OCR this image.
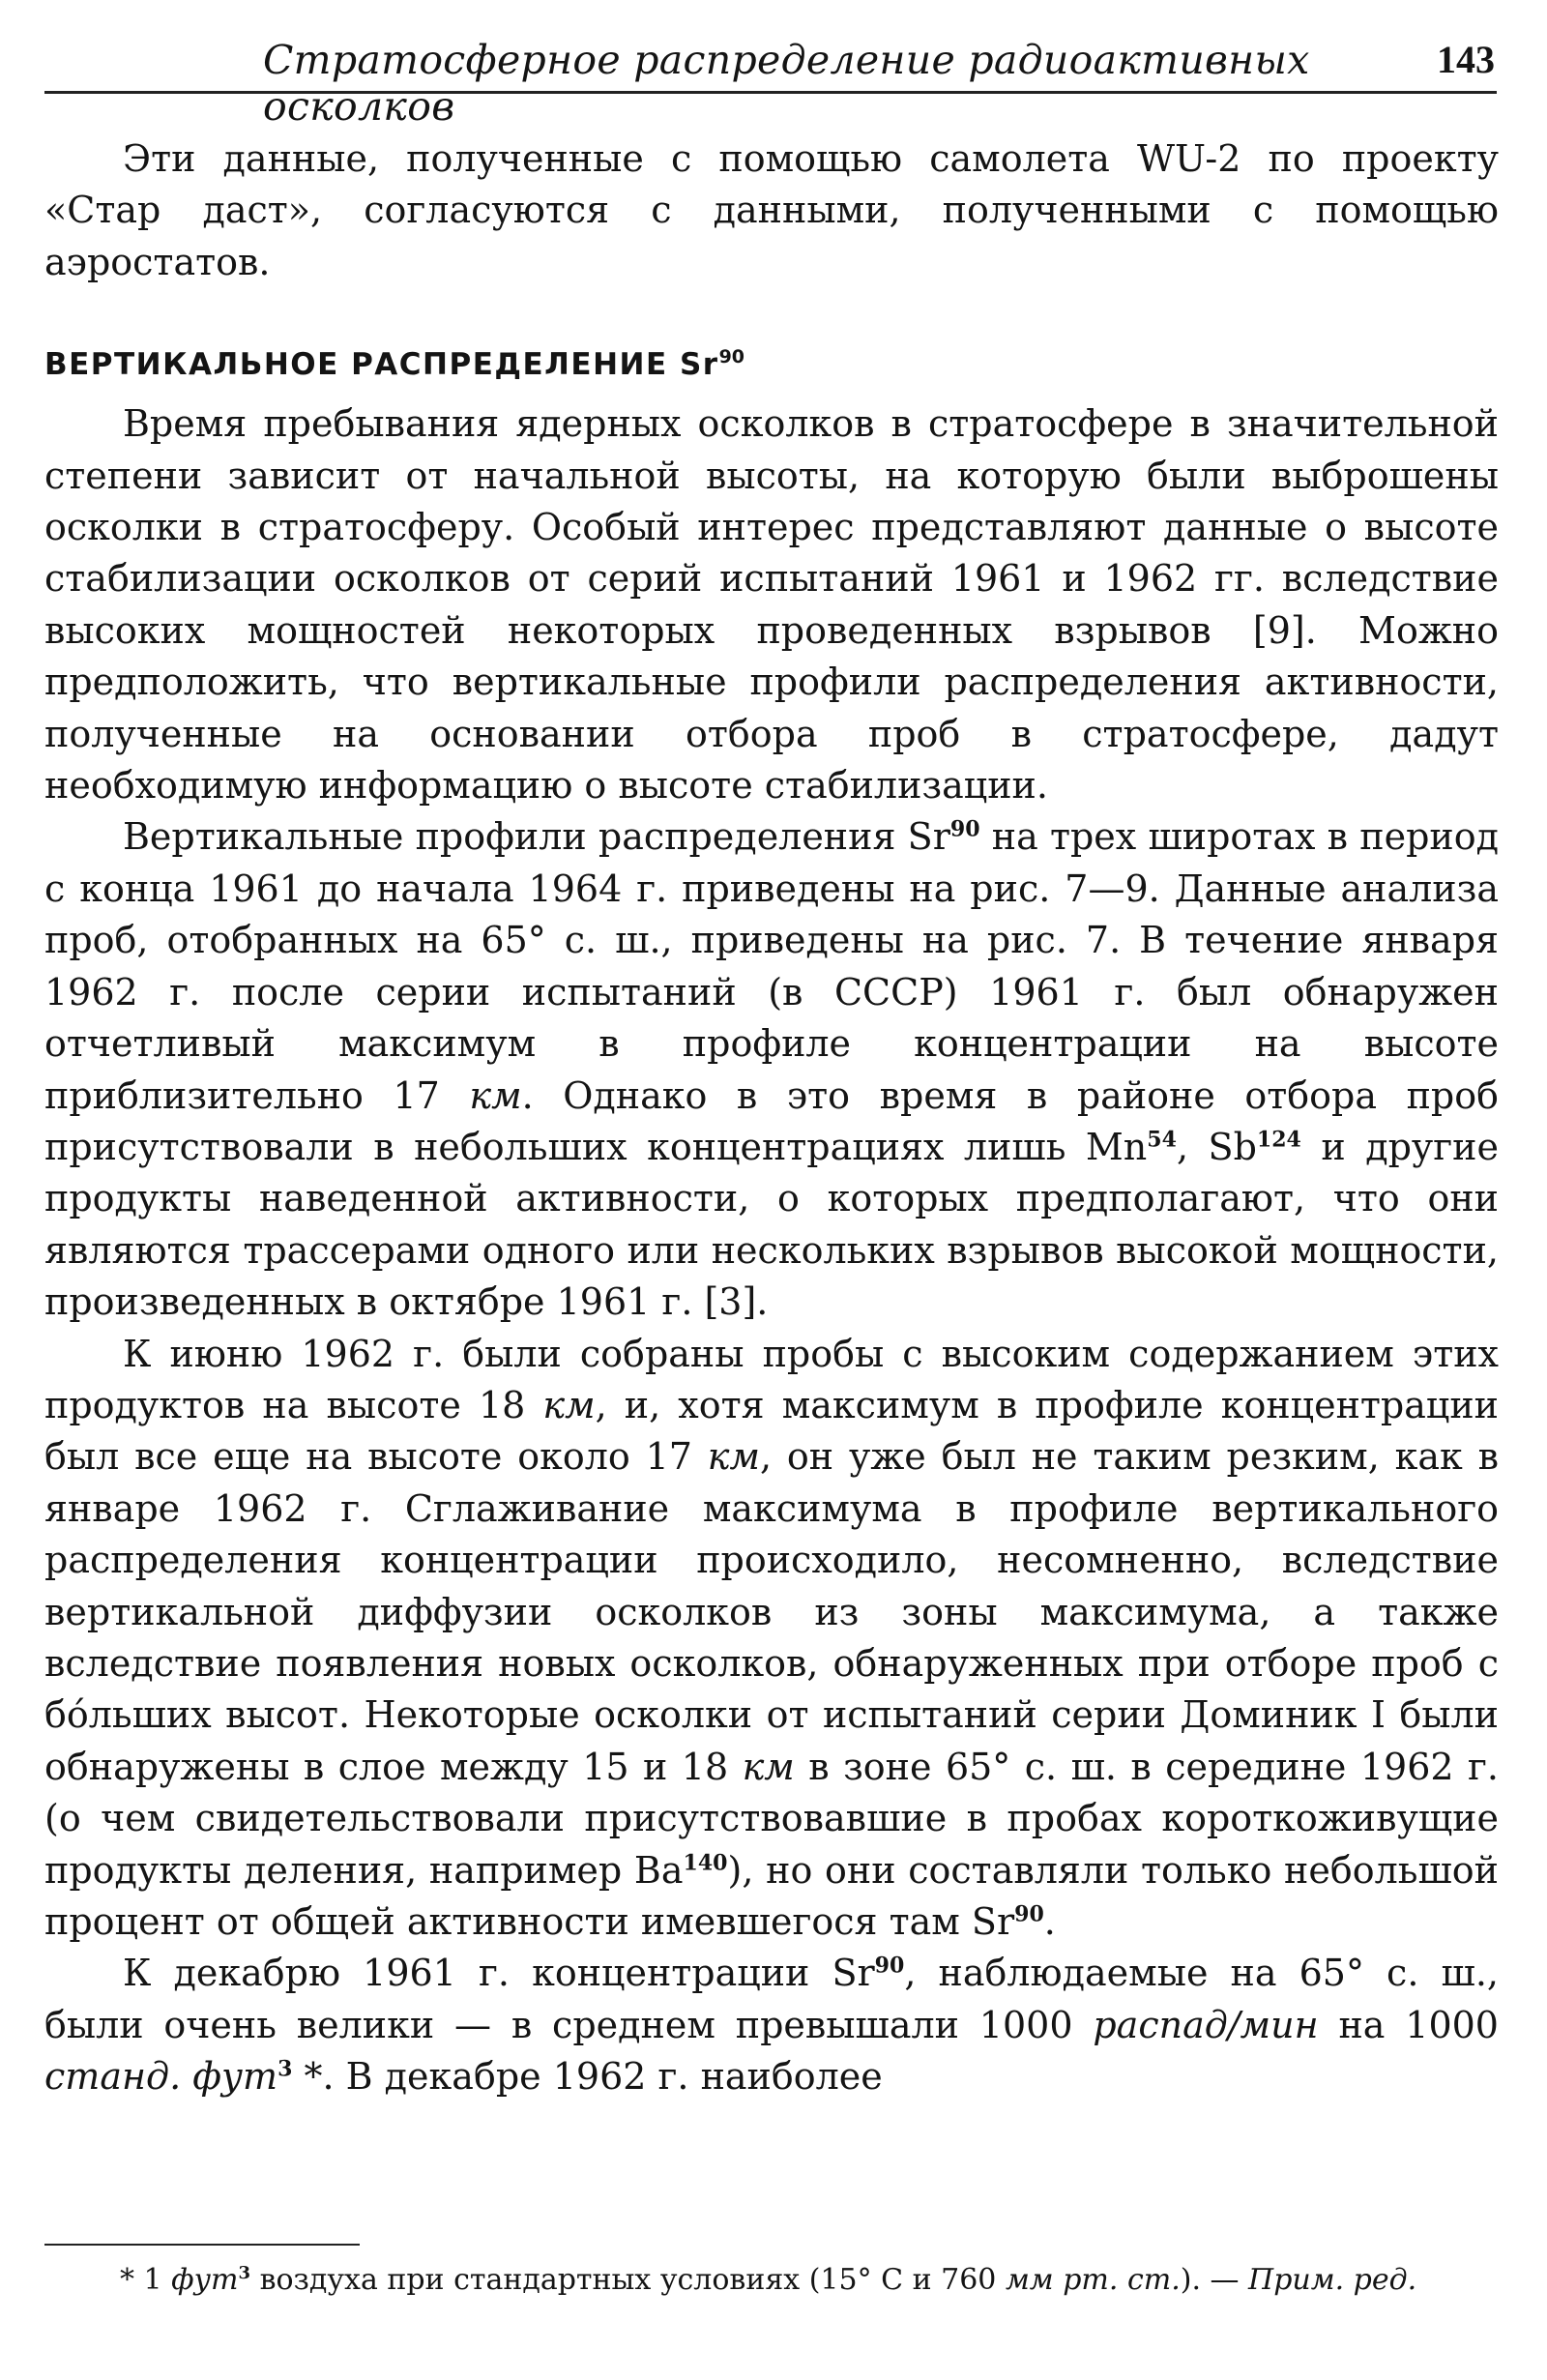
Стратосферное распределение радиоактивных осколков
143

Эти данные, полученные с помощью самолета WU-2 по проекту «Стар даст», согласуются с данными, полученными с помощью аэростатов.

ВЕРТИКАЛЬНОЕ РАСПРЕДЕЛЕНИЕ Sr$^{90}$

Время пребывания ядерных осколков в стратосфере в значительной степени зависит от начальной высоты, на которую были выброшены осколки в стратосферу. Особый интерес представляют данные о высоте стабилизации осколков от серий испытаний 1961 и 1962 гг. вследствие высоких мощностей некоторых проведенных взрывов [9]. Можно предположить, что вертикальные профили распределения активности, полученные на основании отбора проб в стратосфере, дадут необходимую информацию о высоте стабилизации.

Вертикальные профили распределения Sr$^{90}$ на трех широтах в период с конца 1961 до начала 1964 г. приведены на рис. 7—9. Данные анализа проб, отобранных на 65° с. ш., приведены на рис. 7. В течение января 1962 г. после серии испытаний (в СССР) 1961 г. был обнаружен отчетливый максимум в профиле концентрации на высоте приблизительно 17 км. Однако в это время в районе отбора проб присутствовали в небольших концентрациях лишь Mn$^{54}$, Sb$^{124}$ и другие продукты наведенной активности, о которых предполагают, что они являются трассерами одного или нескольких взрывов высокой мощности, произведенных в октябре 1961 г. [3].

К июню 1962 г. были собраны пробы с высоким содержанием этих продуктов на высоте 18 км, и, хотя максимум в профиле концентрации был все еще на высоте около 17 км, он уже был не таким резким, как в январе 1962 г. Сглаживание максимума в профиле вертикального распределения концентрации происходило, несомненно, вследствие вертикальной диффузии осколков из зоны максимума, а также вследствие появления новых осколков, обнаруженных при отборе проб с бо́льших высот. Некоторые осколки от испытаний серии Доминик I были обнаружены в слое между 15 и 18 км в зоне 65° с. ш. в середине 1962 г. (о чем свидетельствовали присутствовавшие в пробах короткоживущие продукты деления, например Ba$^{140}$), но они составляли только небольшой процент от общей активности имевшегося там Sr$^{90}$.

К декабрю 1961 г. концентрации Sr$^{90}$, наблюдаемые на 65° с. ш., были очень велики — в среднем превышали 1000 распад/мин на 1000 станд. фут$^3$ *. В декабре 1962 г. наиболее

* 1 фут$^3$ воздуха при стандартных условиях (15° С и 760 мм рт. ст.). — Прим. ред.
